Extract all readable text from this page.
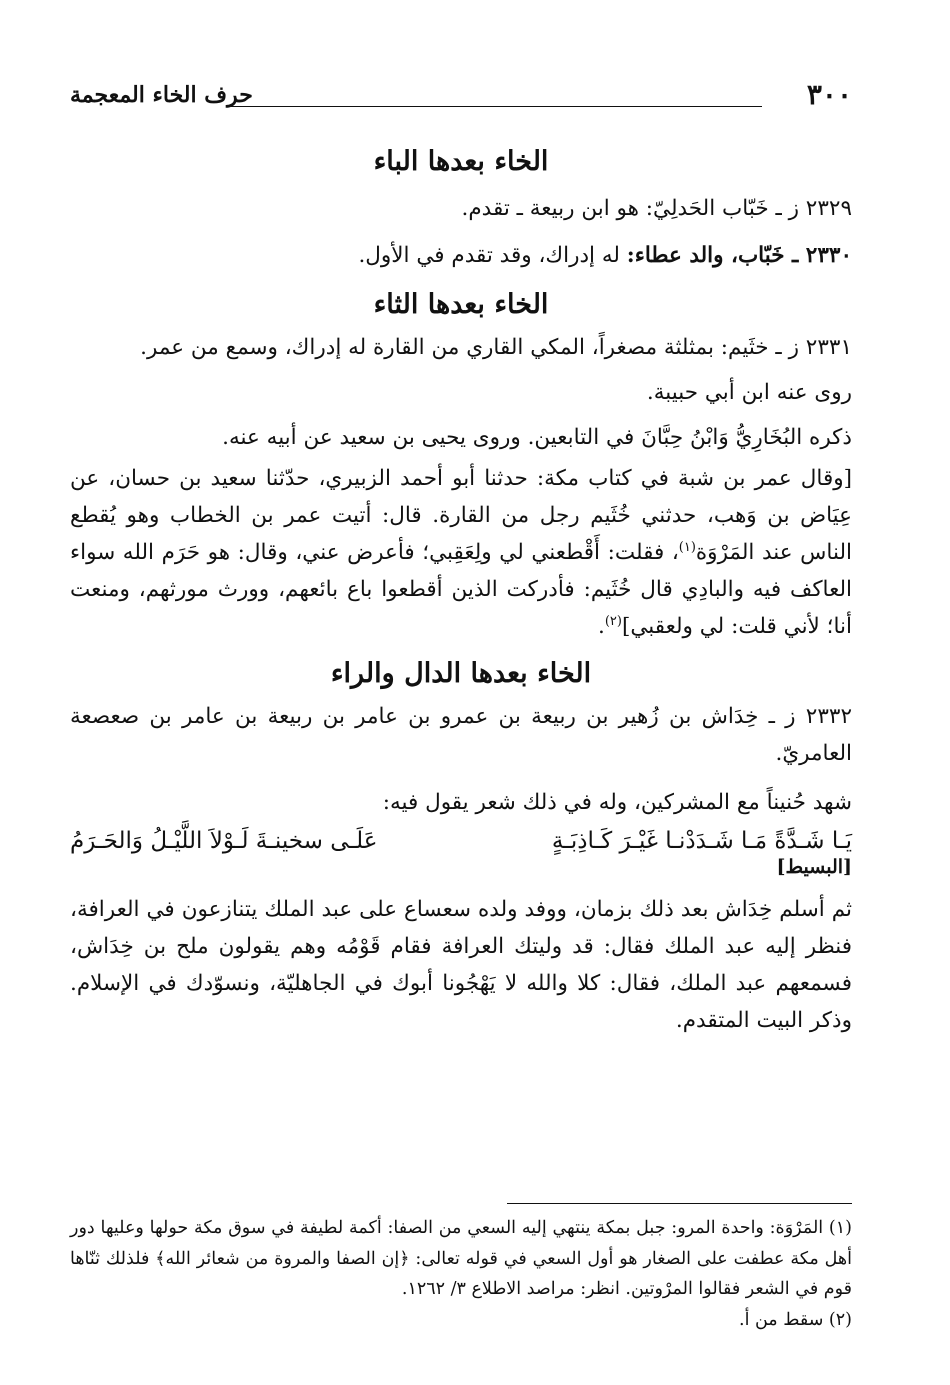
٣٠٠
حرف الخاء المعجمة
الخاء بعدها الباء

٢٣٢٩ ز ـ خَبّاب الحَدلِيّ: هو ابن ربيعة ـ تقدم.

٢٣٣٠ ـ خَبّاب، والد عطاء: له إدراك، وقد تقدم في الأول.

الخاء بعدها الثاء

٢٣٣١ ز ـ خثَيم: بمثلثة مصغراً، المكي القاري من القارة له إدراك، وسمع من عمر.

روى عنه ابن أبي حبيبة.

ذكره البُخَارِيُّ وَابْنُ حِبَّانَ في التابعين. وروى يحيى بن سعيد عن أبيه عنه.

[وقال عمر بن شبة في كتاب مكة: حدثنا أبو أحمد الزبيري، حدّثنا سعيد بن حسان، عن عِيَاض بن وَهب، حدثني خُثَيم رجل من القارة. قال: أتيت عمر بن الخطاب وهو يُقطع الناس عند المَرْوَة$^{(١)}$، فقلت: أَقْطعني لي ولِعَقِبي؛ فأعرض عني، وقال: هو حَرَم الله سواء العاكف فيه والبادِي قال خُثَيم: فأدركت الذين أقطعوا باع بائعهم، وورث مورثهم، ومنعت أنا؛ لأني قلت: لي ولعقبي]$^{(٢)}$.

الخاء بعدها الدال والراء

٢٣٣٢ ز ـ خِدَاش بن زُهير بن ربيعة بن عمرو بن عامر بن ربيعة بن عامر بن صعصعة العامريّ.

شهد حُنيناً مع المشركين، وله في ذلك شعر يقول فيه:

يَـا شَـدَّةً مَـا شَـدَدْنـا غَيْـرَ كَـاذِبَـةٍ
عَلَـى سخينـةَ لَـوْلاَ اللَّيْـلُ وَالحَـرَمُ
[البسيط]

ثم أسلم خِدَاش بعد ذلك بزمان، ووفد ولده سعساع على عبد الملك يتنازعون في العرافة، فنظر إليه عبد الملك فقال: قد وليتك العرافة فقام قَوْمُه وهم يقولون ملح بن خِدَاش، فسمعهم عبد الملك، فقال: كلا والله لا يَهْجُونا أبوك في الجاهليّة، ونسوّدك في الإسلام. وذكر البيت المتقدم.

(١) المَرْوَة: واحدة المرو: جبل بمكة ينتهي إليه السعي من الصفا: أكمة لطيفة في سوق مكة حولها وعليها دور أهل مكة عطفت على الصغار هو أول السعي في قوله تعالى: ﴿إن الصفا والمروة من شعائر الله﴾ فلذلك ثنّاها قوم في الشعر فقالوا المرْوتين. انظر: مراصد الاطلاع ٣/ ١٢٦٢.

(٢) سقط من أ.
